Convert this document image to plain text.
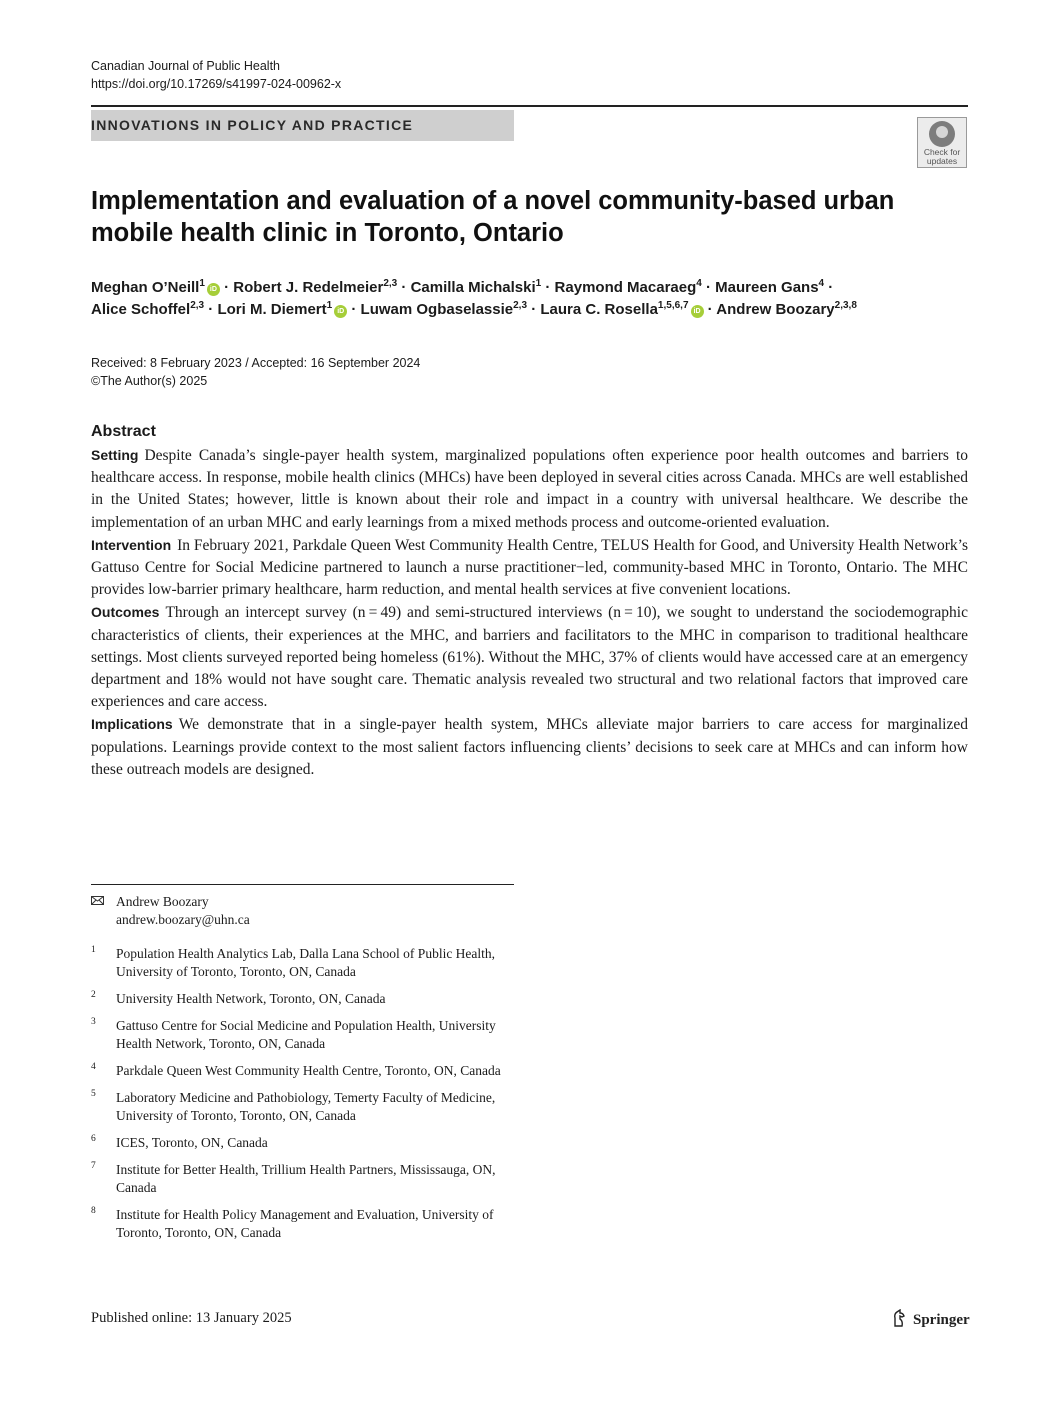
Canadian Journal of Public Health
https://doi.org/10.17269/s41997-024-00962-x
INNOVATIONS IN POLICY AND PRACTICE
Check for
updates
Implementation and evaluation of a novel community-based urban
mobile health clinic in Toronto, Ontario
Meghan O’Neill$^1$iD · Robert J. Redelmeier$^{2,3}$ · Camilla Michalski$^1$ · Raymond Macaraeg$^4$ · Maureen Gans$^4$ ·
Alice Schoffel$^{2,3}$ · Lori M. Diemert$^1$iD · Luwam Ogbaselassie$^{2,3}$ · Laura C. Rosella$^{1,5,6,7}$iD · Andrew Boozary$^{2,3,8}$
Received: 8 February 2023 / Accepted: 16 September 2024
©The Author(s) 2025
Abstract

Setting Despite Canada’s single-payer health system, marginalized populations often experience poor health outcomes and barriers to healthcare access. In response, mobile health clinics (MHCs) have been deployed in several cities across Canada. MHCs are well established in the United States; however, little is known about their role and impact in a country with universal healthcare. We describe the implementation of an urban MHC and early learnings from a mixed methods process and outcome-oriented evaluation.

Intervention In February 2021, Parkdale Queen West Community Health Centre, TELUS Health for Good, and University Health Network’s Gattuso Centre for Social Medicine partnered to launch a nurse practitioner−led, community-based MHC in Toronto, Ontario. The MHC provides low-barrier primary healthcare, harm reduction, and mental health services at five convenient locations.

Outcomes Through an intercept survey (n = 49) and semi-structured interviews (n = 10), we sought to understand the sociodemographic characteristics of clients, their experiences at the MHC, and barriers and facilitators to the MHC in comparison to traditional healthcare settings. Most clients surveyed reported being homeless (61%). Without the MHC, 37% of clients would have accessed care at an emergency department and 18% would not have sought care. Thematic analysis revealed two structural and two relational factors that improved care experiences and care access.

Implications We demonstrate that in a single-payer health system, MHCs alleviate major barriers to care access for marginalized populations. Learnings provide context to the most salient factors influencing clients’ decisions to seek care at MHCs and can inform how these outreach models are designed.

Andrew Boozary
andrew.boozary@uhn.ca
1 Population Health Analytics Lab, Dalla Lana School of Public Health, University of Toronto, Toronto, ON, Canada
2 University Health Network, Toronto, ON, Canada
3 Gattuso Centre for Social Medicine and Population Health, University Health Network, Toronto, ON, Canada
4 Parkdale Queen West Community Health Centre, Toronto, ON, Canada
5 Laboratory Medicine and Pathobiology, Temerty Faculty of Medicine, University of Toronto, Toronto, ON, Canada
6 ICES, Toronto, ON, Canada
7 Institute for Better Health, Trillium Health Partners, Mississauga, ON, Canada
8 Institute for Health Policy Management and Evaluation, University of Toronto, Toronto, ON, Canada
Published online: 13 January 2025	Springer
